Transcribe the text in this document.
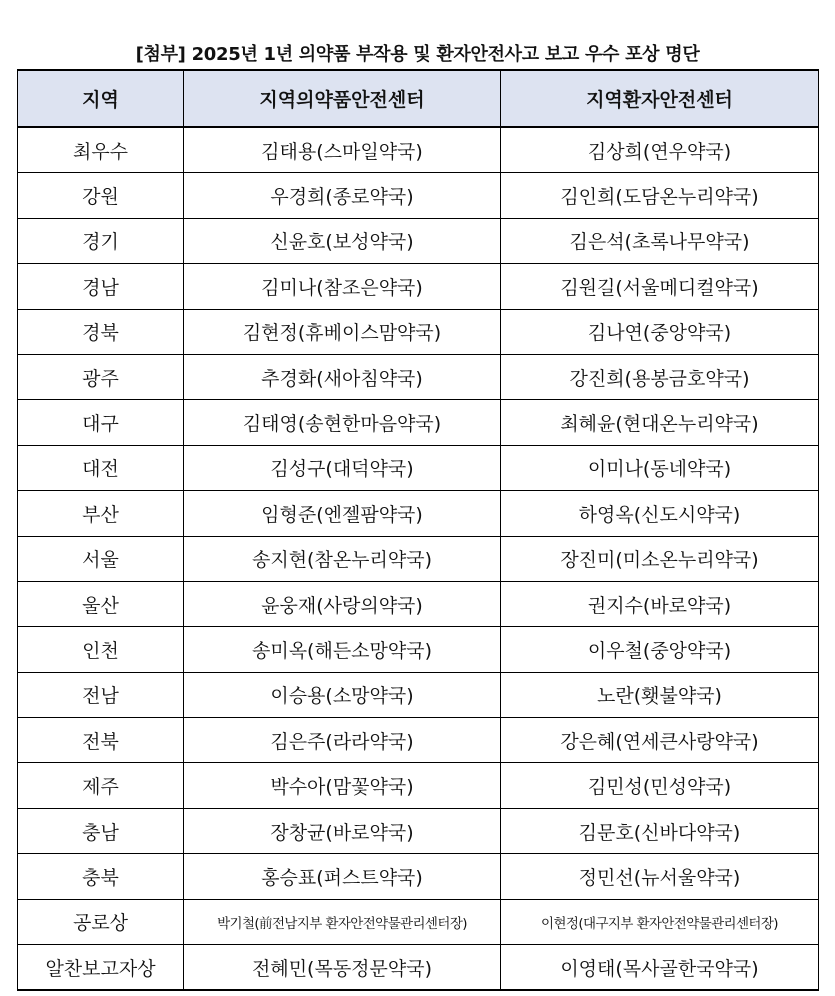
[첨부] 2025년 1년 의약품 부작용 및 환자안전사고 보고 우수 포상 명단
지역	지역의약품안전센터	지역환자안전센터
최우수	김태용(스마일약국)	김상희(연우약국)
강원	우경희(종로약국)	김인희(도담온누리약국)
경기	신윤호(보성약국)	김은석(초록나무약국)
경남	김미나(참조은약국)	김원길(서울메디컬약국)
경북	김현정(휴베이스맘약국)	김나연(중앙약국)
광주	추경화(새아침약국)	강진희(용봉금호약국)
대구	김태영(송현한마음약국)	최혜윤(현대온누리약국)
대전	김성구(대덕약국)	이미나(동네약국)
부산	임형준(엔젤팜약국)	하영옥(신도시약국)
서울	송지현(참온누리약국)	장진미(미소온누리약국)
울산	윤웅재(사랑의약국)	권지수(바로약국)
인천	송미옥(해든소망약국)	이우철(중앙약국)
전남	이승용(소망약국)	노란(횃불약국)
전북	김은주(라라약국)	강은혜(연세큰사랑약국)
제주	박수아(맘꽃약국)	김민성(민성약국)
충남	장창균(바로약국)	김문호(신바다약국)
충북	홍승표(퍼스트약국)	정민선(뉴서울약국)
공로상	박기철(前전남지부 환자안전약물관리센터장)	이현정(대구지부 환자안전약물관리센터장)
알찬보고자상	전혜민(목동정문약국)	이영태(목사골한국약국)
